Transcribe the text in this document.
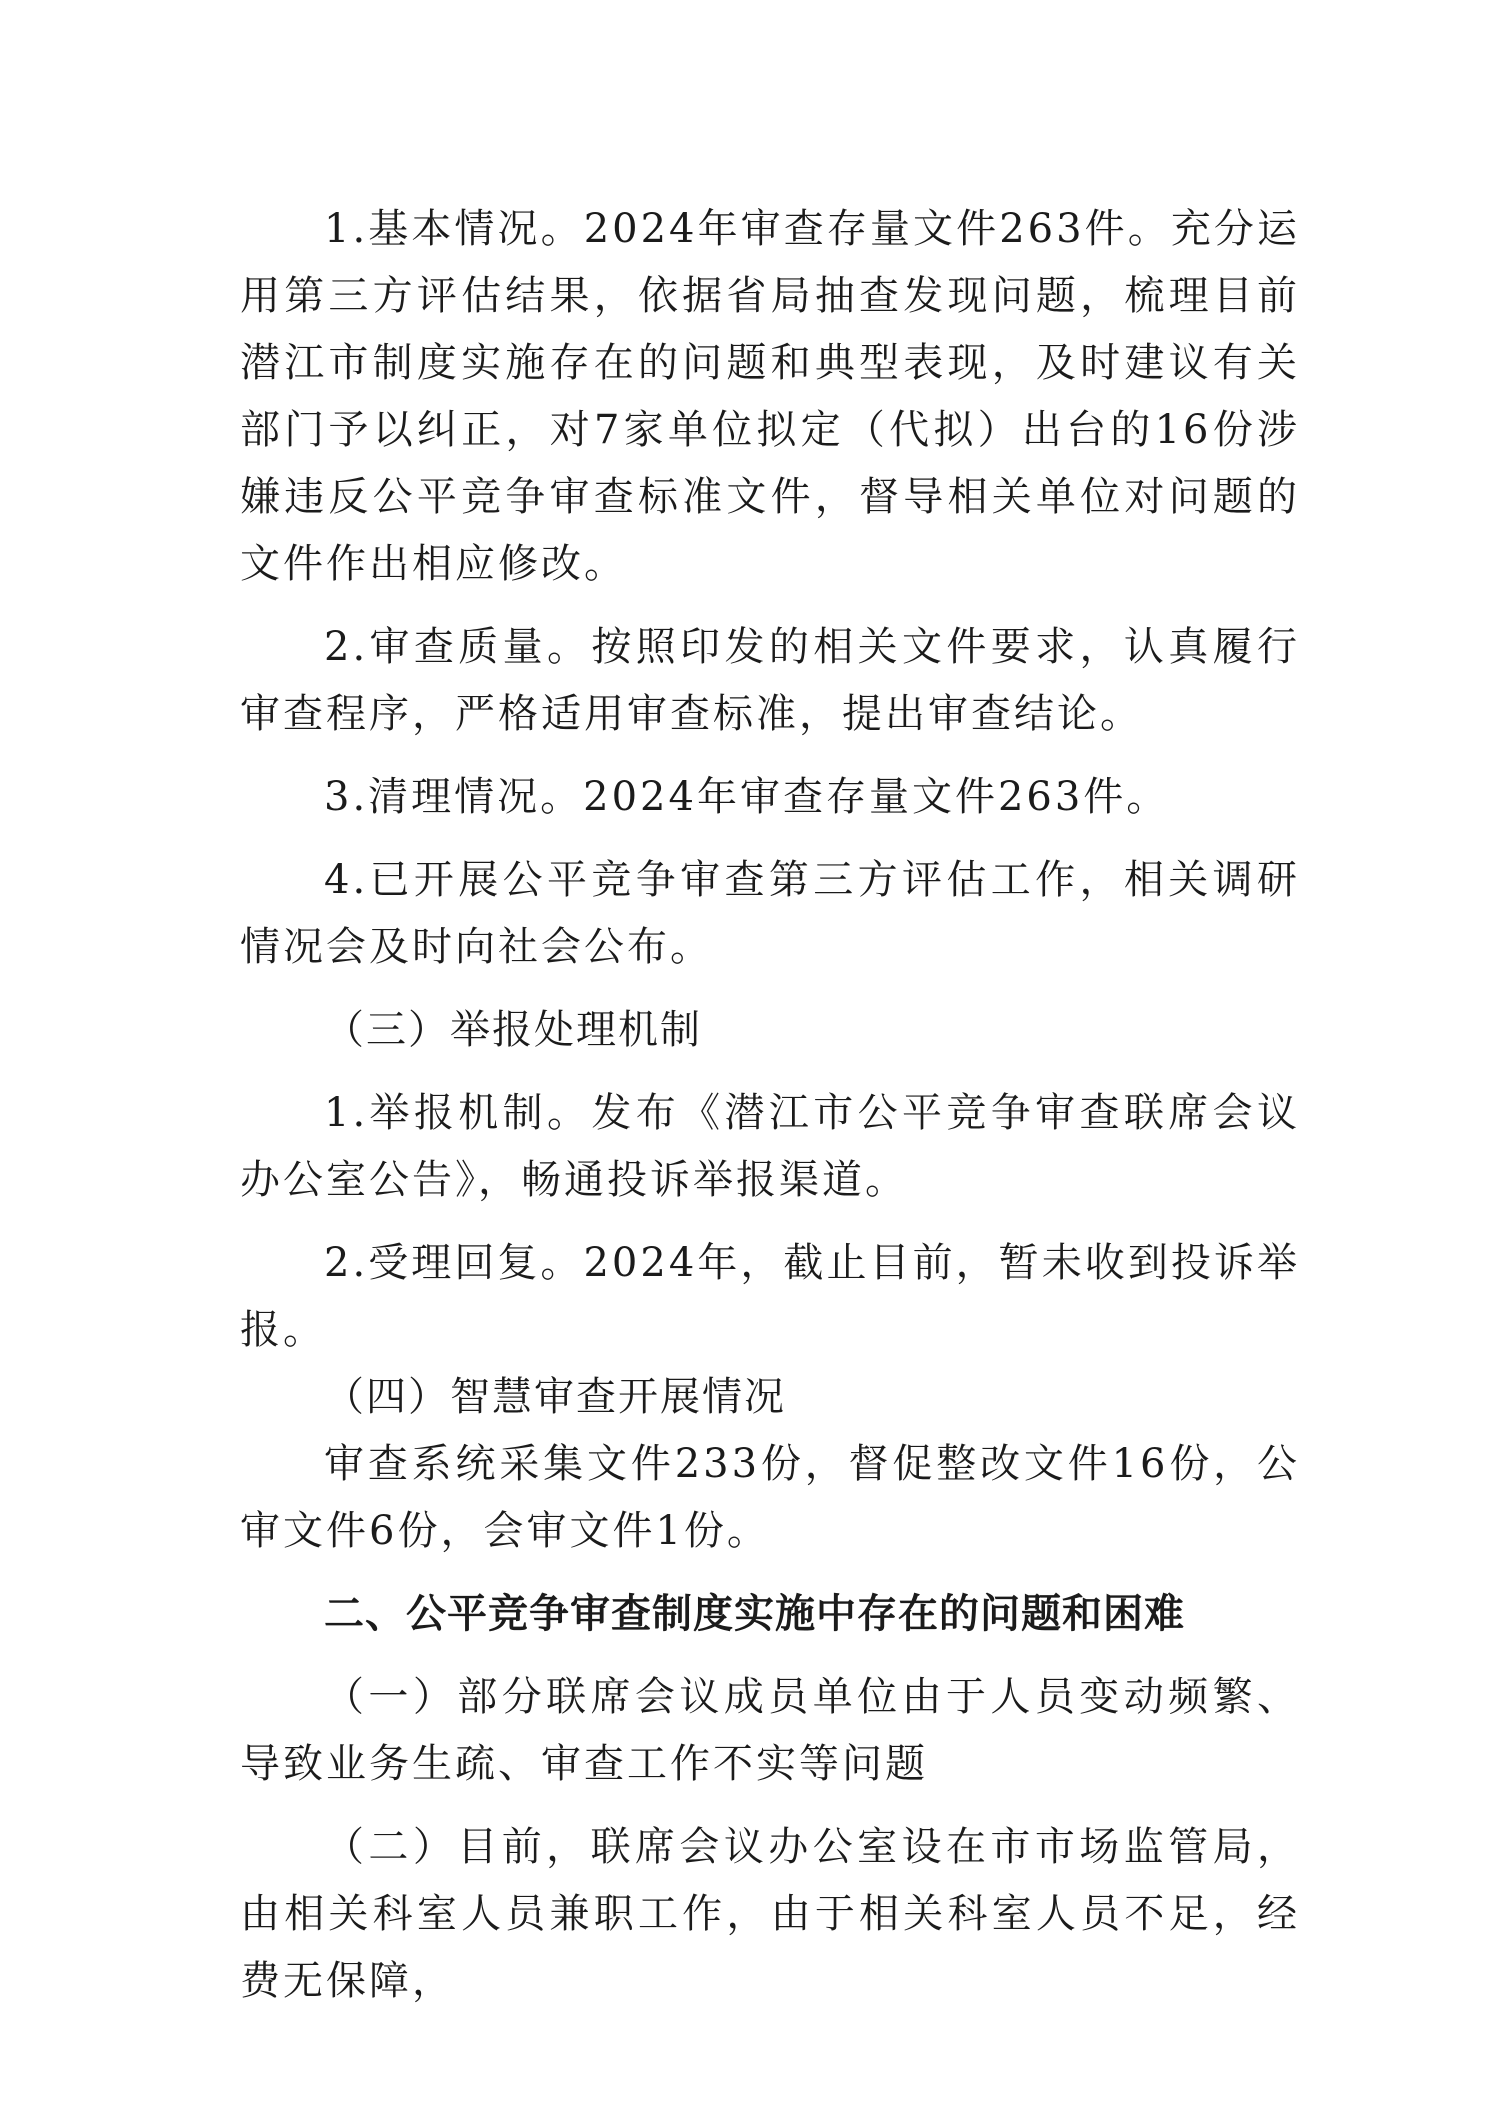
1.基本情况。2024年审查存量文件263件。充分运用第三方评估结果，依据省局抽查发现问题，梳理目前潜江市制度实施存在的问题和典型表现，及时建议有关部门予以纠正，对7家单位拟定（代拟）出台的16份涉嫌违反公平竞争审查标准文件，督导相关单位对问题的文件作出相应修改。

2.审查质量。按照印发的相关文件要求，认真履行审查程序，严格适用审查标准，提出审查结论。

3.清理情况。2024年审查存量文件263件。

4.已开展公平竞争审查第三方评估工作，相关调研情况会及时向社会公布。

（三）举报处理机制

1.举报机制。发布《潜江市公平竞争审查联席会议办公室公告》，畅通投诉举报渠道。

2.受理回复。2024年，截止目前，暂未收到投诉举报。

（四）智慧审查开展情况

审查系统采集文件233份，督促整改文件16份，公审文件6份，会审文件1份。

二、公平竞争审查制度实施中存在的问题和困难

（一）部分联席会议成员单位由于人员变动频繁、导致业务生疏、审查工作不实等问题

（二）目前，联席会议办公室设在市市场监管局，由相关科室人员兼职工作，由于相关科室人员不足，经费无保障，
